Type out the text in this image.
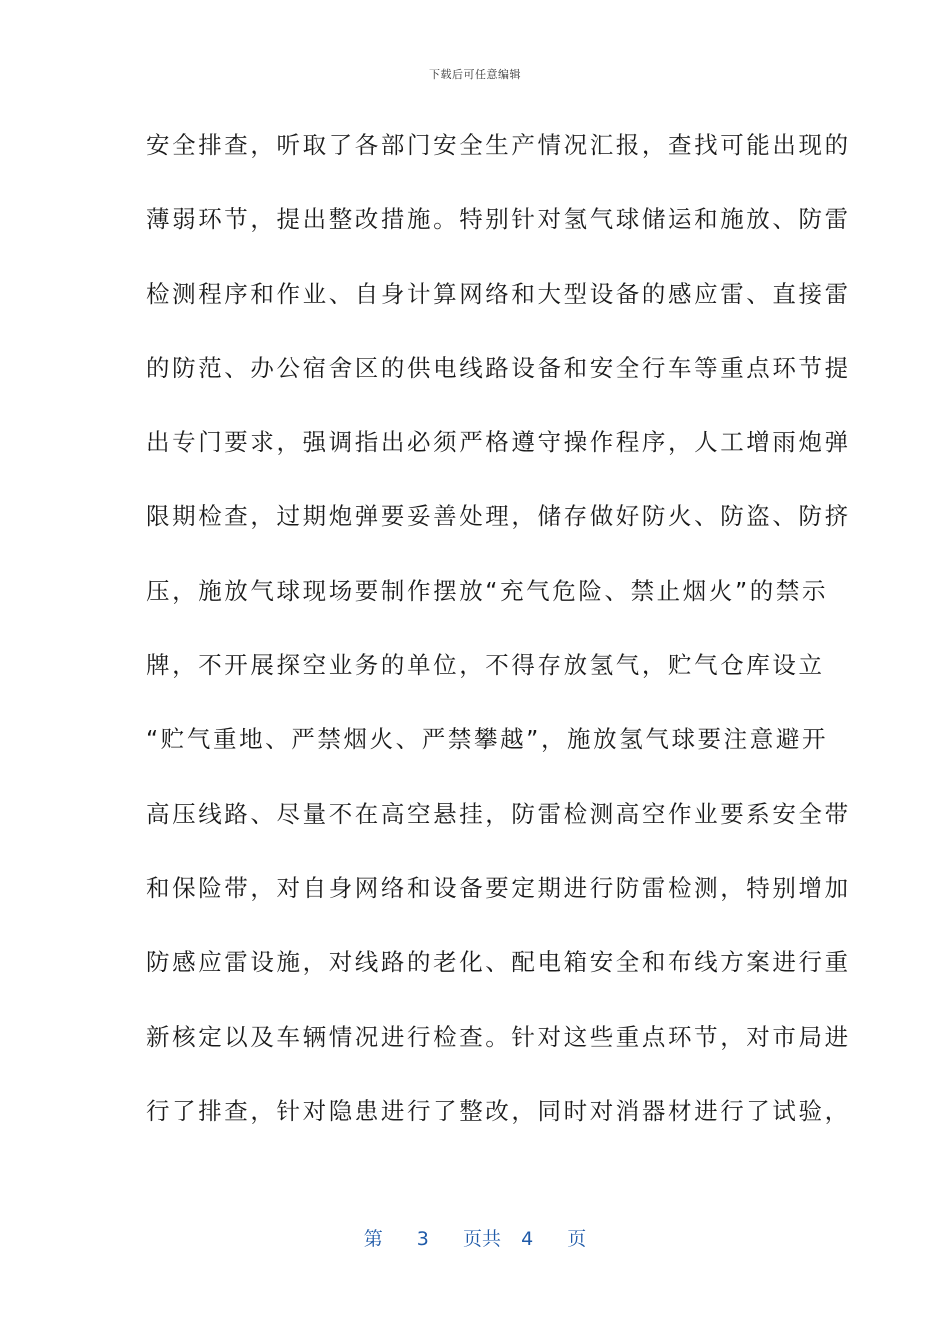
下载后可任意编辑
安全排查，听取了各部门安全生产情况汇报，查找可能出现的
薄弱环节，提出整改措施。特别针对氢气球储运和施放、防雷
检测程序和作业、自身计算网络和大型设备的感应雷、直接雷
的防范、办公宿舍区的供电线路设备和安全行车等重点环节提
出专门要求，强调指出必须严格遵守操作程序，人工增雨炮弹
限期检查，过期炮弹要妥善处理，储存做好防火、防盗、防挤
压，施放气球现场要制作摆放“充气危险、禁止烟火”的禁示
牌，不开展探空业务的单位，不得存放氢气，贮气仓库设立
“贮气重地、严禁烟火、严禁攀越”，施放氢气球要注意避开
高压线路、尽量不在高空悬挂，防雷检测高空作业要系安全带
和保险带，对自身网络和设备要定期进行防雷检测，特别增加
防感应雷设施，对线路的老化、配电箱安全和布线方案进行重
新核定以及车辆情况进行检查。针对这些重点环节，对市局进
行了排查，针对隐患进行了整改，同时对消器材进行了试验，
第 3 页共 4 页
